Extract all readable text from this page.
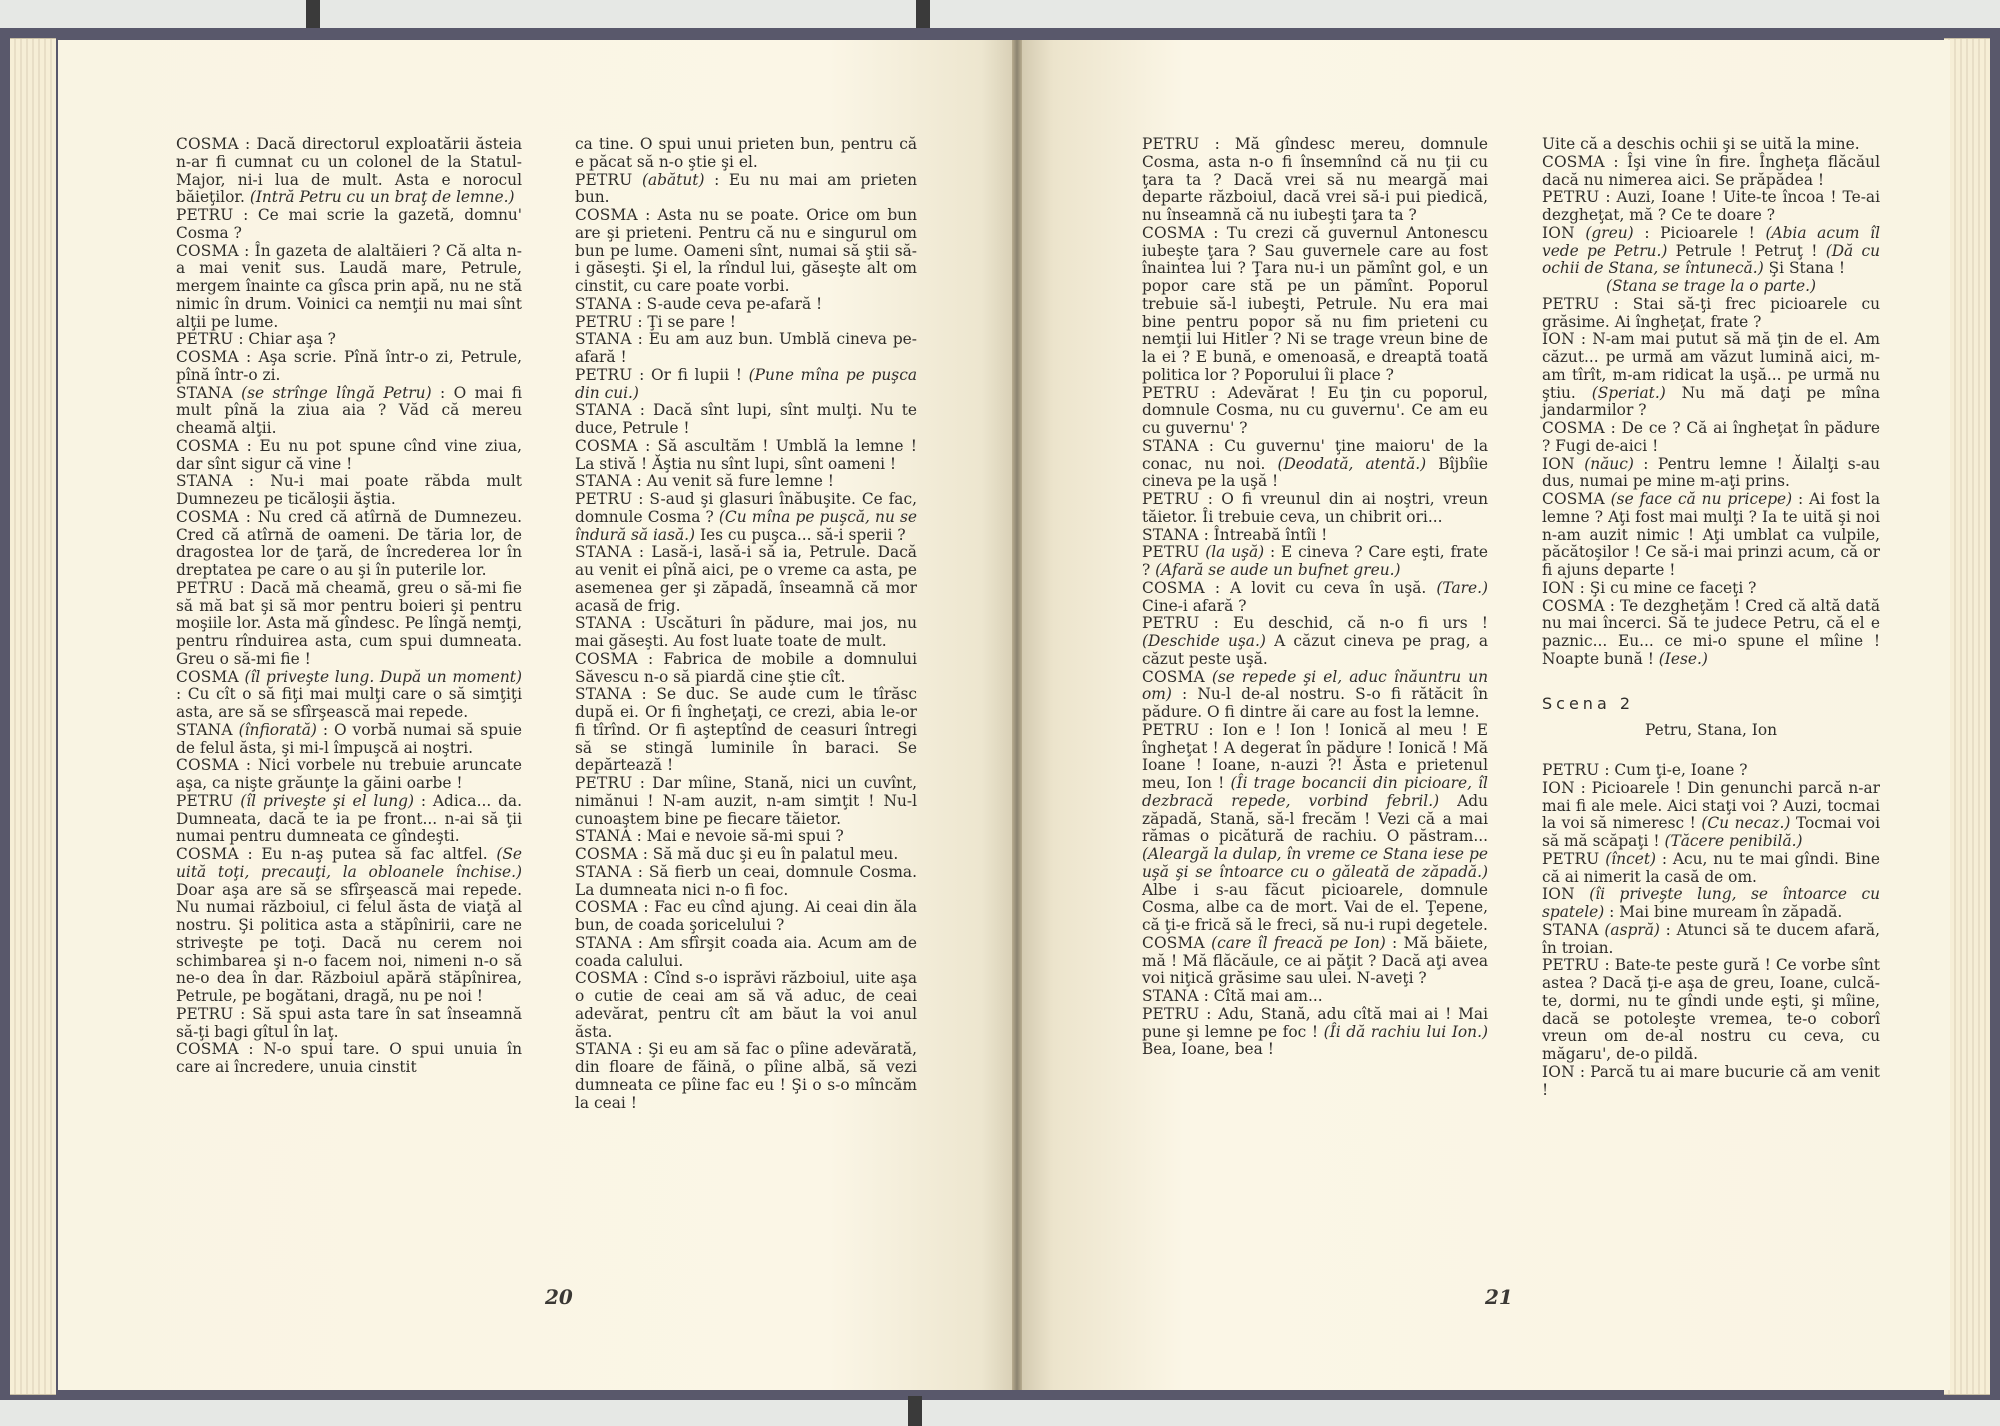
COSMA : Dacă directorul exploatării ăsteia n-ar fi cumnat cu un colonel de la Statul-Major, ni-i lua de mult. Asta e norocul băieţilor. (Intră Petru cu un braţ de lemne.)

PETRU : Ce mai scrie la gazetă, domnu' Cosma ?

COSMA : În gazeta de alaltăieri ? Că alta n-a mai venit sus. Laudă mare, Petrule, mergem înainte ca gîsca prin apă, nu ne stă nimic în drum. Voinici ca nemţii nu mai sînt alţii pe lume.

PETRU : Chiar aşa ?

COSMA : Aşa scrie. Pînă într-o zi, Petrule, pînă într-o zi.

STANA (se strînge lîngă Petru) : O mai fi mult pînă la ziua aia ? Văd că mereu cheamă alţii.

COSMA : Eu nu pot spune cînd vine ziua, dar sînt sigur că vine !

STANA : Nu-i mai poate răbda mult Dumnezeu pe ticăloşii ăştia.

COSMA : Nu cred că atîrnă de Dumnezeu. Cred că atîrnă de oameni. De tăria lor, de dragostea lor de ţară, de încrederea lor în dreptatea pe care o au şi în puterile lor.

PETRU : Dacă mă cheamă, greu o să-mi fie să mă bat şi să mor pentru boieri şi pentru moşiile lor. Asta mă gîndesc. Pe lîngă nemţi, pentru rînduirea asta, cum spui dumneata. Greu o să-mi fie !

COSMA (îl priveşte lung. După un moment) : Cu cît o să fiţi mai mulţi care o să simţiţi asta, are să se sfîrşească mai repede.

STANA (înfiorată) : O vorbă numai să spuie de felul ăsta, şi mi-l împuşcă ai noştri.

COSMA : Nici vorbele nu trebuie aruncate aşa, ca nişte grăunţe la găini oarbe !

PETRU (îl priveşte şi el lung) : Adica... da. Dumneata, dacă te ia pe front... n-ai să ţii numai pentru dumneata ce gîndeşti.

COSMA : Eu n-aş putea să fac altfel. (Se uită toţi, precauţi, la obloanele închise.) Doar aşa are să se sfîrşească mai repede. Nu numai războiul, ci felul ăsta de viaţă al nostru. Şi politica asta a stăpînirii, care ne striveşte pe toţi. Dacă nu cerem noi schimbarea şi n-o facem noi, nimeni n-o să ne-o dea în dar. Războiul apără stăpînirea, Petrule, pe bogătani, dragă, nu pe noi !

PETRU : Să spui asta tare în sat înseamnă să-ţi bagi gîtul în laţ.

COSMA : N-o spui tare. O spui unuia în care ai încredere, unuia cinstit

ca tine. O spui unui prieten bun, pentru că e păcat să n-o ştie şi el.

PETRU (abătut) : Eu nu mai am prieten bun.

COSMA : Asta nu se poate. Orice om bun are şi prieteni. Pentru că nu e singurul om bun pe lume. Oameni sînt, numai să ştii să-i găseşti. Şi el, la rîndul lui, găseşte alt om cinstit, cu care poate vorbi.

STANA : S-aude ceva pe-afară !

PETRU : Ţi se pare !

STANA : Eu am auz bun. Umblă cineva pe-afară !

PETRU : Or fi lupii ! (Pune mîna pe puşca din cui.)

STANA : Dacă sînt lupi, sînt mulţi. Nu te duce, Petrule !

COSMA : Să ascultăm ! Umblă la lemne ! La stivă ! Ăştia nu sînt lupi, sînt oameni !

STANA : Au venit să fure lemne !

PETRU : S-aud şi glasuri înăbuşite. Ce fac, domnule Cosma ? (Cu mîna pe puşcă, nu se îndură să iasă.) Ies cu puşca... să-i sperii ?

STANA : Lasă-i, lasă-i să ia, Petrule. Dacă au venit ei pînă aici, pe o vreme ca asta, pe asemenea ger şi zăpadă, înseamnă că mor acasă de frig.

STANA : Uscături în pădure, mai jos, nu mai găseşti. Au fost luate toate de mult.

COSMA : Fabrica de mobile a domnului Săvescu n-o să piardă cine ştie cît.

STANA : Se duc. Se aude cum le tîrăsc după ei. Or fi îngheţaţi, ce crezi, abia le-or fi tîrînd. Or fi aşteptînd de ceasuri întregi să se stingă luminile în baraci. Se depărtează !

PETRU : Dar mîine, Stană, nici un cuvînt, nimănui ! N-am auzit, n-am simţit ! Nu-l cunoaştem bine pe fiecare tăietor.

STANA : Mai e nevoie să-mi spui ?

COSMA : Să mă duc şi eu în palatul meu.

STANA : Să fierb un ceai, domnule Cosma. La dumneata nici n-o fi foc.

COSMA : Fac eu cînd ajung. Ai ceai din ăla bun, de coada şoricelului ?

STANA : Am sfîrşit coada aia. Acum am de coada calului.

COSMA : Cînd s-o isprăvi războiul, uite aşa o cutie de ceai am să vă aduc, de ceai adevărat, pentru cît am băut la voi anul ăsta.

STANA : Şi eu am să fac o pîine adevărată, din floare de făină, o pîine albă, să vezi dumneata ce pîine fac eu ! Şi o s-o mîncăm la ceai !

PETRU : Mă gîndesc mereu, domnule Cosma, asta n-o fi însemnînd că nu ţii cu ţara ta ? Dacă vrei să nu meargă mai departe războiul, dacă vrei să-i pui piedică, nu înseamnă că nu iubeşti ţara ta ?

COSMA : Tu crezi că guvernul Antonescu iubeşte ţara ? Sau guvernele care au fost înaintea lui ? Ţara nu-i un pămînt gol, e un popor care stă pe un pămînt. Poporul trebuie să-l iubeşti, Petrule. Nu era mai bine pentru popor să nu fim prieteni cu nemţii lui Hitler ? Ni se trage vreun bine de la ei ? E bună, e omenoasă, e dreaptă toată politica lor ? Poporului îi place ?

PETRU : Adevărat ! Eu ţin cu poporul, domnule Cosma, nu cu guvernu'. Ce am eu cu guvernu' ?

STANA : Cu guvernu' ţine maioru' de la conac, nu noi. (Deodată, atentă.) Bîjbîie cineva pe la uşă !

PETRU : O fi vreunul din ai noştri, vreun tăietor. Îi trebuie ceva, un chibrit ori...

STANA : Întreabă întîi !

PETRU (la uşă) : E cineva ? Care eşti, frate ? (Afară se aude un bufnet greu.)

COSMA : A lovit cu ceva în uşă. (Tare.) Cine-i afară ?

PETRU : Eu deschid, că n-o fi urs ! (Deschide uşa.) A căzut cineva pe prag, a căzut peste uşă.

COSMA (se repede şi el, aduc înăuntru un om) : Nu-l de-al nostru. S-o fi rătăcit în pădure. O fi dintre ăi care au fost la lemne.

PETRU : Ion e ! Ion ! Ionică al meu ! E îngheţat ! A degerat în pădure ! Ionică ! Mă Ioane ! Ioane, n-auzi ?! Ăsta e prietenul meu, Ion ! (Îi trage bocancii din picioare, îl dezbracă repede, vorbind febril.) Adu zăpadă, Stană, să-l frecăm ! Vezi că a mai rămas o picătură de rachiu. O păstram... (Aleargă la dulap, în vreme ce Stana iese pe uşă şi se întoarce cu o găleată de zăpadă.) Albe i s-au făcut picioarele, domnule Cosma, albe ca de mort. Vai de el. Ţepene, că ţi-e frică să le freci, să nu-i rupi degetele.

COSMA (care îl freacă pe Ion) : Mă băiete, mă ! Mă flăcăule, ce ai păţit ? Dacă aţi avea voi niţică grăsime sau ulei. N-aveţi ?

STANA : Cîtă mai am...

PETRU : Adu, Stană, adu cîtă mai ai ! Mai pune şi lemne pe foc ! (Îi dă rachiu lui Ion.) Bea, Ioane, bea !

Uite că a deschis ochii şi se uită la mine.

COSMA : Îşi vine în fire. Îngheţa flăcăul dacă nu nimerea aici. Se prăpădea !

PETRU : Auzi, Ioane ! Uite-te încoa ! Te-ai dezgheţat, mă ? Ce te doare ?

ION (greu) : Picioarele ! (Abia acum îl vede pe Petru.) Petrule ! Petruţ ! (Dă cu ochii de Stana, se întunecă.) Şi Stana !

(Stana se trage la o parte.)

PETRU : Stai să-ţi frec picioarele cu grăsime. Ai îngheţat, frate ?

ION : N-am mai putut să mă ţin de el. Am căzut... pe urmă am văzut lumină aici, m-am tîrît, m-am ridicat la uşă... pe urmă nu ştiu. (Speriat.) Nu mă daţi pe mîna jandarmilor ?

COSMA : De ce ? Că ai îngheţat în pădure ? Fugi de-aici !

ION (năuc) : Pentru lemne ! Ăilalţi s-au dus, numai pe mine m-aţi prins.

COSMA (se face că nu pricepe) : Ai fost la lemne ? Aţi fost mai mulţi ? Ia te uită şi noi n-am auzit nimic ! Aţi umblat ca vulpile, păcătoşilor ! Ce să-i mai prinzi acum, că or fi ajuns departe !

ION : Şi cu mine ce faceţi ?

COSMA : Te dezgheţăm ! Cred că altă dată nu mai încerci. Să te judece Petru, că el e paznic... Eu... ce mi-o spune el mîine ! Noapte bună ! (Iese.)

Scena 2
Petru, Stana, Ion

PETRU : Cum ţi-e, Ioane ?

ION : Picioarele ! Din genunchi parcă n-ar mai fi ale mele. Aici staţi voi ? Auzi, tocmai la voi să nimeresc ! (Cu necaz.) Tocmai voi să mă scăpaţi ! (Tăcere penibilă.)

PETRU (încet) : Acu, nu te mai gîndi. Bine că ai nimerit la casă de om.

ION (îi priveşte lung, se întoarce cu spatele) : Mai bine muream în zăpadă.

STANA (aspră) : Atunci să te ducem afară, în troian.

PETRU : Bate-te peste gură ! Ce vorbe sînt astea ? Dacă ţi-e aşa de greu, Ioane, culcă-te, dormi, nu te gîndi unde eşti, şi mîine, dacă se potoleşte vremea, te-o coborî vreun om de-al nostru cu ceva, cu măgaru', de-o pildă.

ION : Parcă tu ai mare bucurie că am venit !

20	21
